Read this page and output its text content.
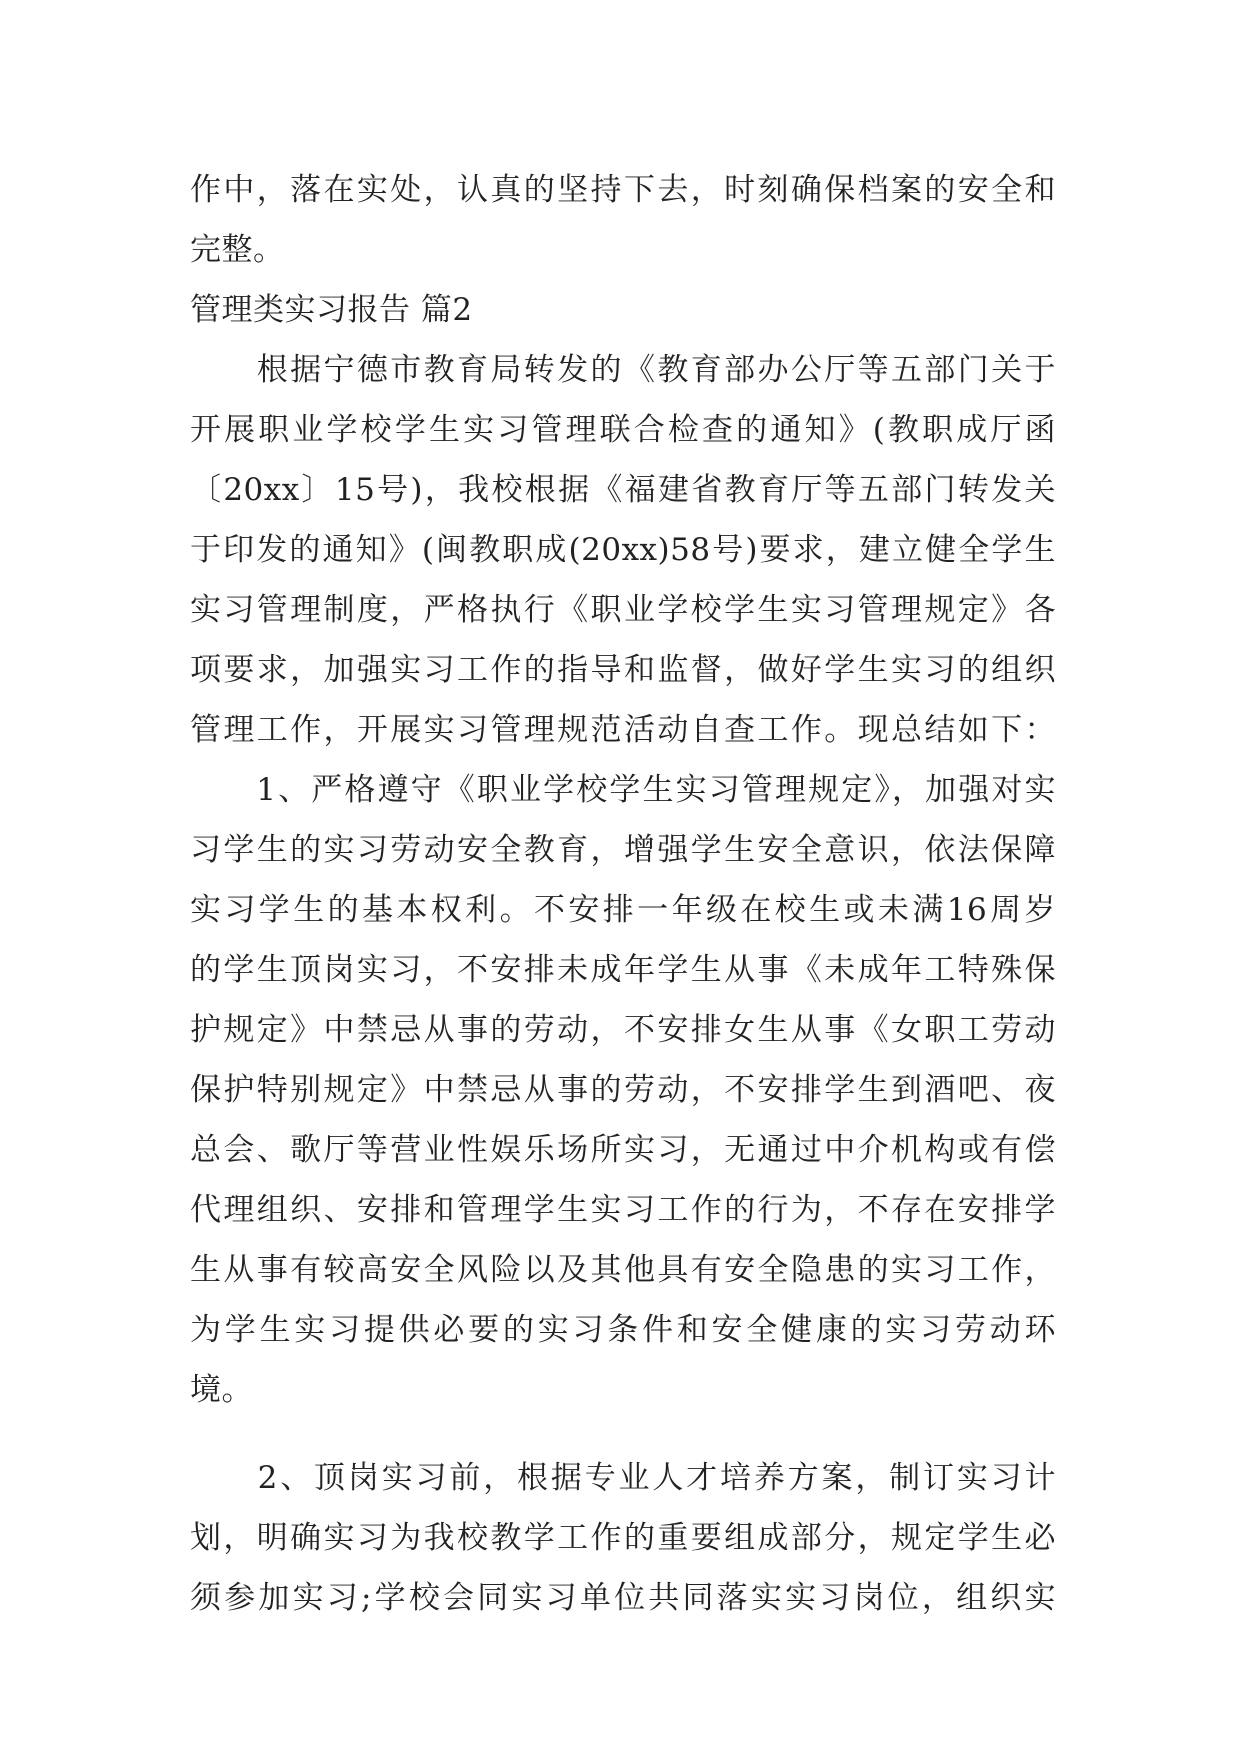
作中，落在实处，认真的坚持下去，时刻确保档案的安全和
完整。
管理类实习报告 篇2
　　根据宁德市教育局转发的《教育部办公厅等五部门关于
开展职业学校学生实习管理联合检查的通知》(教职成厅函
〔20xx〕15号)，我校根据《福建省教育厅等五部门转发关
于印发的通知》(闽教职成(20xx)58号)要求，建立健全学生
实习管理制度，严格执行《职业学校学生实习管理规定》各
项要求，加强实习工作的指导和监督，做好学生实习的组织
管理工作，开展实习管理规范活动自查工作。现总结如下：
　　1、严格遵守《职业学校学生实习管理规定》，加强对实
习学生的实习劳动安全教育，增强学生安全意识，依法保障
实习学生的基本权利。不安排一年级在校生或未满16周岁
的学生顶岗实习，不安排未成年学生从事《未成年工特殊保
护规定》中禁忌从事的劳动，不安排女生从事《女职工劳动
保护特别规定》中禁忌从事的劳动，不安排学生到酒吧、夜
总会、歌厅等营业性娱乐场所实习，无通过中介机构或有偿
代理组织、安排和管理学生实习工作的行为，不存在安排学
生从事有较高安全风险以及其他具有安全隐患的实习工作，
为学生实习提供必要的实习条件和安全健康的实习劳动环
境。
　　2、顶岗实习前，根据专业人才培养方案，制订实习计
划，明确实习为我校教学工作的重要组成部分，规定学生必
须参加实习;学校会同实习单位共同落实实习岗位，组织实
